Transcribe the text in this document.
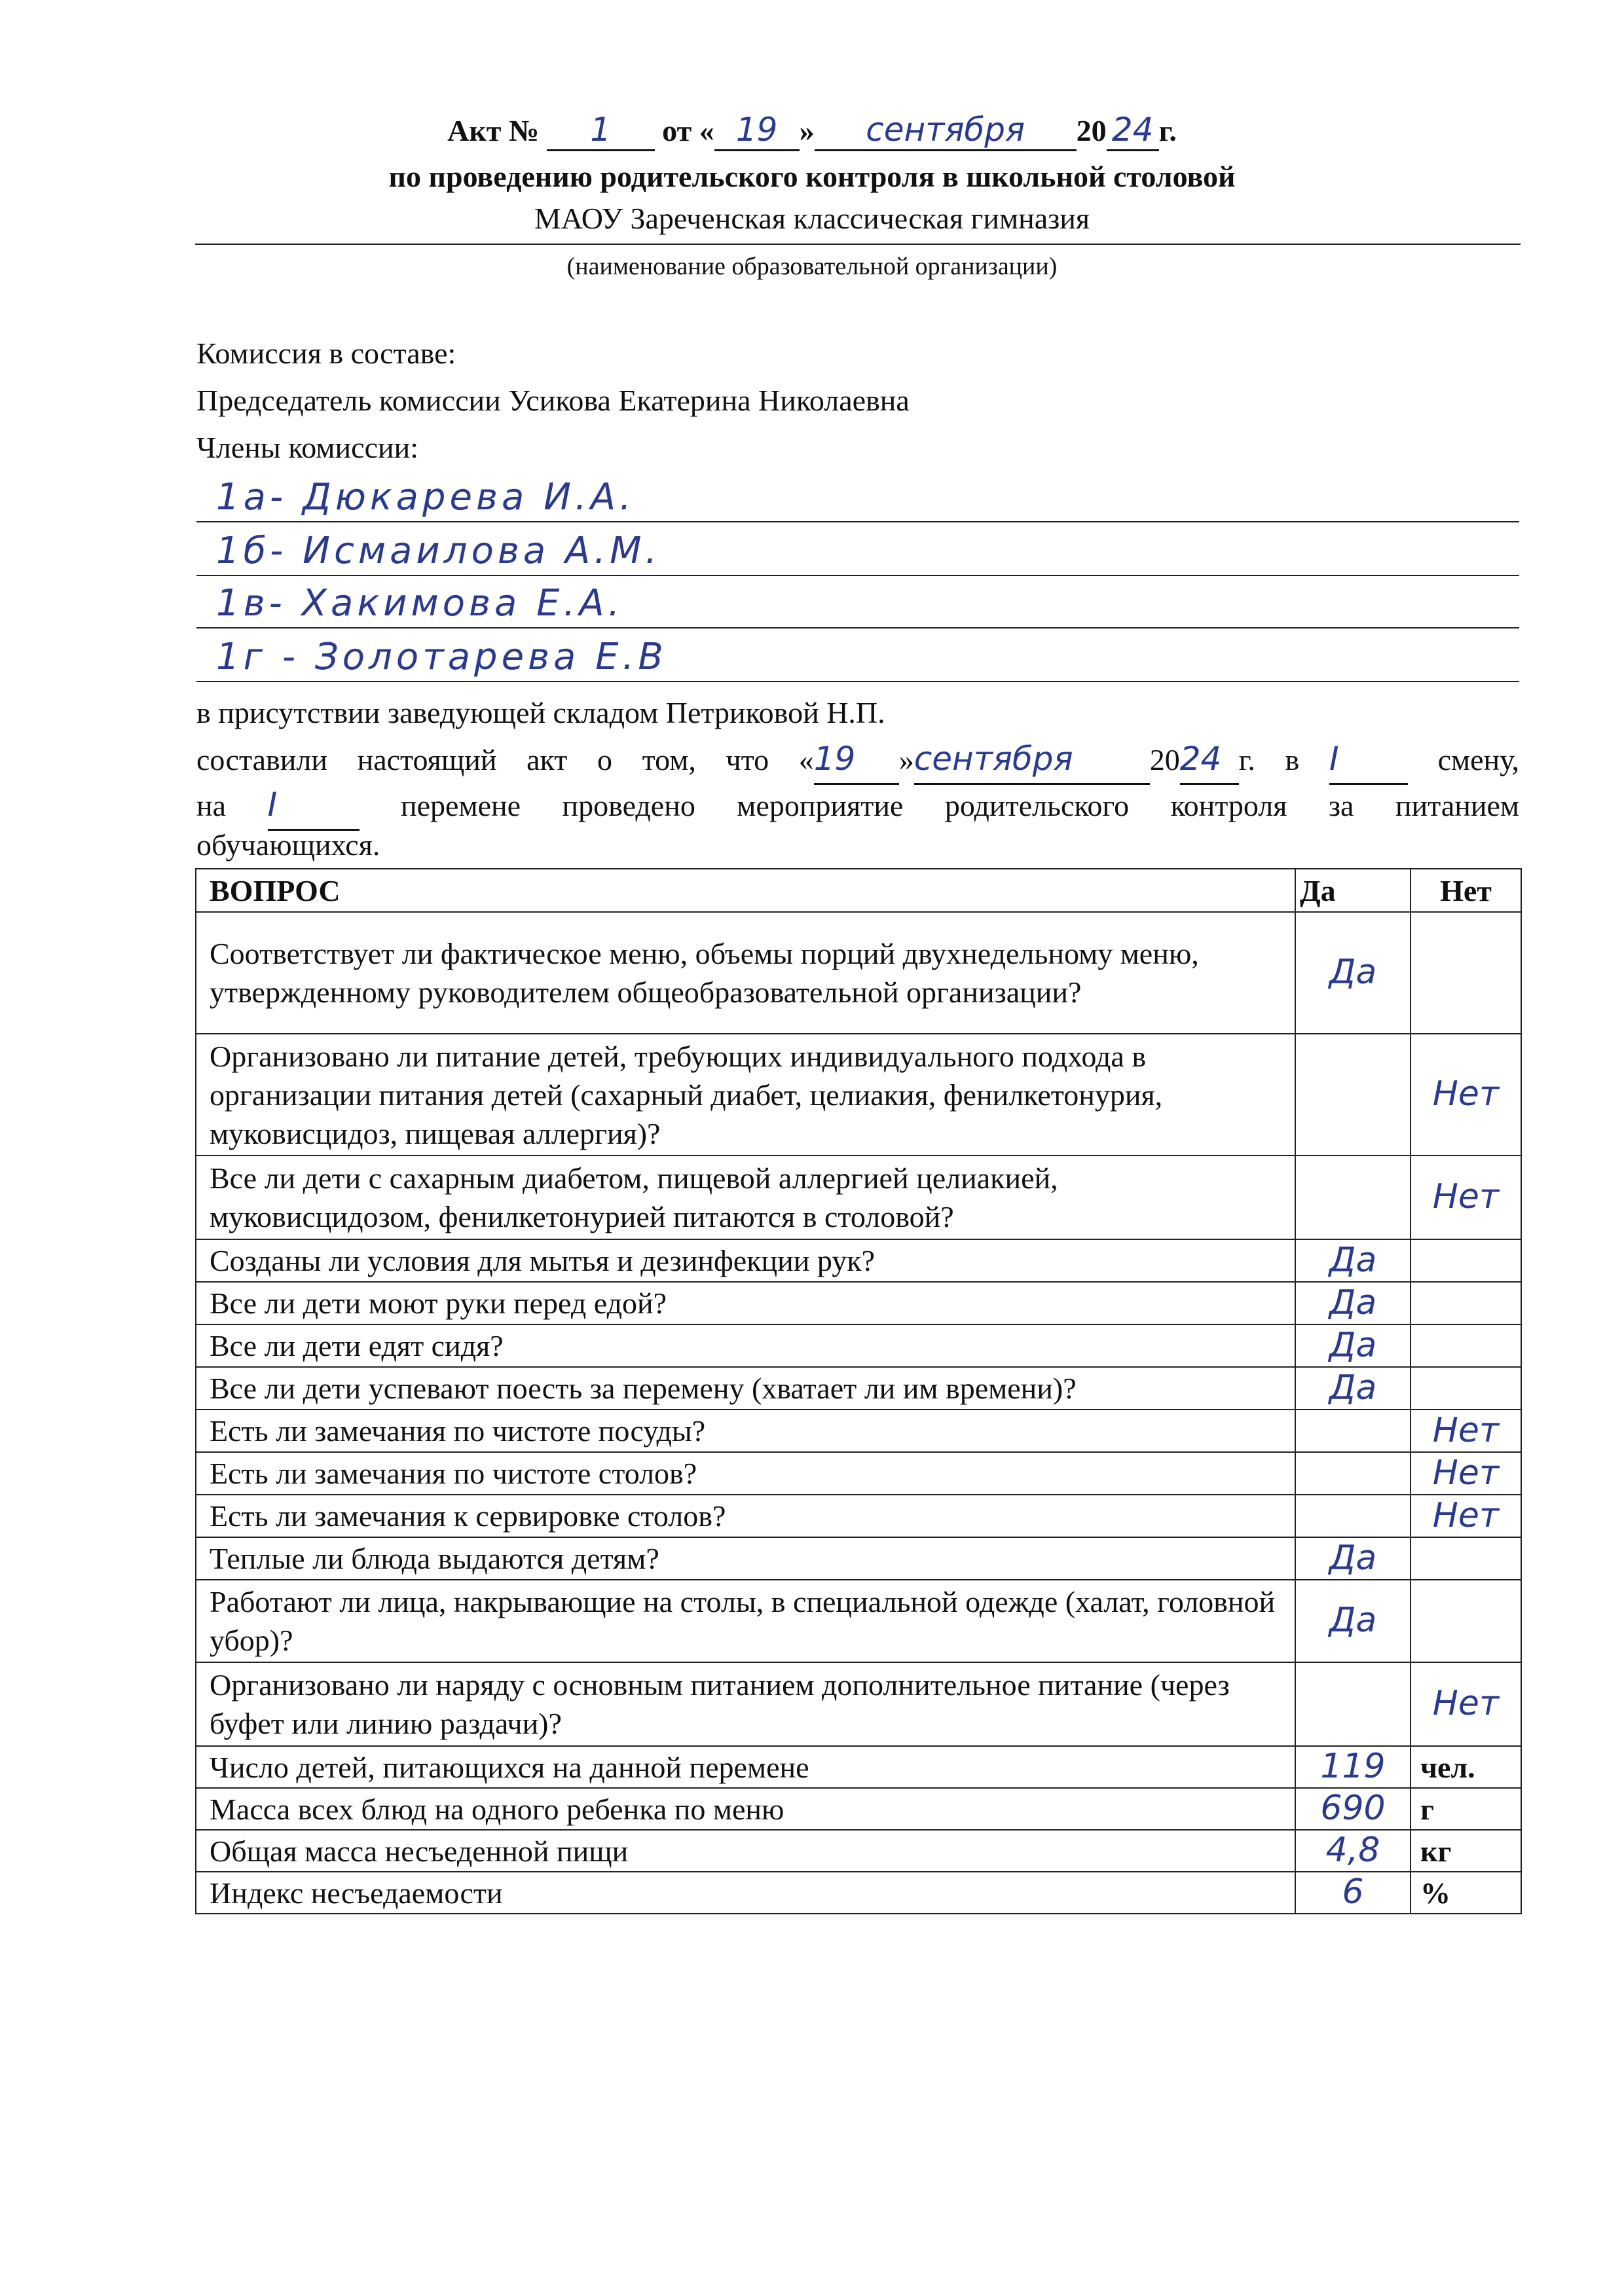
Акт № 1 от « 19 » сентября 20 24 г.
по проведению родительского контроля в школьной столовой
МАОУ Зареченская классическая гимназия
(наименование образовательной организации)
Комиссия в составе:
Председатель комиссии Усикова Екатерина Николаевна
Члены комиссии:
1а- Дюкарева И.А.
1б- Исмаилова А.М.
1в- Хакимова Е.А.
1г - Золотарева Е.В
в присутствии заведующей складом Петриковой Н.П.
составили настоящий акт о том, что «19 »сентября	2024 г. в I	смену,
на I	перемене проведено мероприятие родительского контроля за питанием
обучающихся.
ВОПРОС	Да	Нет
Соответствует ли фактическое меню, объемы порций двухнедельному меню, утвержденному руководителем общеобразовательной организации?	Да	
Организовано ли питание детей, требующих индивидуального подхода в организации питания детей (сахарный диабет, целиакия, фенилкетонурия, муковисцидоз, пищевая аллергия)?		Нет
Все ли дети с сахарным диабетом, пищевой аллергией целиакией, муковисцидозом, фенилкетонурией питаются в столовой?		Нет
Созданы ли условия для мытья и дезинфекции рук?	Да	
Все ли дети моют руки перед едой?	Да	
Все ли дети едят сидя?	Да	
Все ли дети успевают поесть за перемену (хватает ли им времени)?	Да	
Есть ли замечания по чистоте посуды?		Нет
Есть ли замечания по чистоте столов?		Нет
Есть ли замечания к сервировке столов?		Нет
Теплые ли блюда выдаются детям?	Да	
Работают ли лица, накрывающие на столы, в специальной одежде (халат, головной убор)?	Да	
Организовано ли наряду с основным питанием дополнительное питание (через буфет или линию раздачи)?		Нет
Число детей, питающихся на данной перемене	119	чел.
Масса всех блюд на одного ребенка по меню	690	г
Общая масса несъеденной пищи	4,8	кг
Индекс несъедаемости	6	%
